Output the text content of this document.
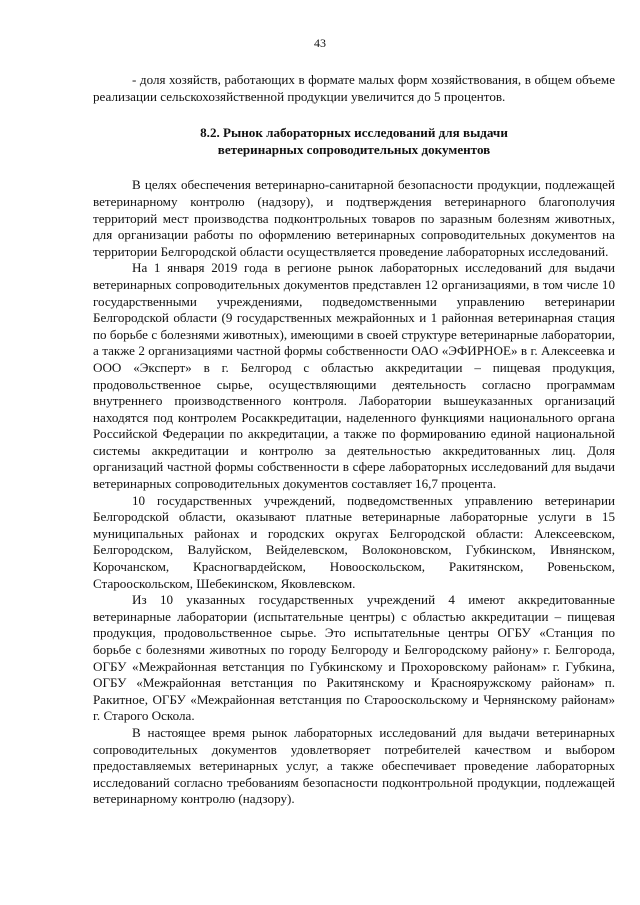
43

- доля хозяйств, работающих в формате малых форм хозяйствования, в общем объеме реализации сельскохозяйственной продукции увеличится до 5 процентов.

8.2. Рынок лабораторных исследований для выдачи
ветеринарных сопроводительных документов

В целях обеспечения ветеринарно-санитарной безопасности продукции, подлежащей ветеринарному контролю (надзору), и подтверждения ветеринарного благополучия территорий мест производства подконтрольных товаров по заразным болезням животных, для организации работы по оформлению ветеринарных сопроводительных документов на территории Белгородской области осуществляется проведение лабораторных исследований.

На 1 января 2019 года в регионе рынок лабораторных исследований для выдачи ветеринарных сопроводительных документов представлен 12 организациями, в том числе 10 государственными учреждениями, подведомственными управлению ветеринарии Белгородской области (9 государственных межрайонных и 1 районная ветеринарная стация по борьбе с болезнями животных), имеющими в своей структуре ветеринарные лаборатории, а также 2 организациями частной формы собственности ОАО «ЭФИРНОЕ» в г. Алексеевка и ООО «Эксперт» в г. Белгород с областью аккредитации – пищевая продукция, продовольственное сырье, осуществляющими деятельность согласно программам внутреннего производственного контроля. Лаборатории вышеуказанных организаций находятся под контролем Росаккредитации, наделенного функциями национального органа Российской Федерации по аккредитации, а также по формированию единой национальной системы аккредитации и контролю за деятельностью аккредитованных лиц. Доля организаций частной формы собственности в сфере лабораторных исследований для выдачи ветеринарных сопроводительных документов составляет 16,7 процента.

10 государственных учреждений, подведомственных управлению ветеринарии Белгородской области, оказывают платные ветеринарные лабораторные услуги в 15 муниципальных районах и городских округах Белгородской области: Алексеевском, Белгородском, Валуйском, Вейделевском, Волоконовском, Губкинском, Ивнянском, Корочанском, Красногвардейском, Новооскольском, Ракитянском, Ровеньском, Старооскольском, Шебекинском, Яковлевском.

Из 10 указанных государственных учреждений 4 имеют аккредитованные ветеринарные лаборатории (испытательные центры) с областью аккредитации – пищевая продукция, продовольственное сырье. Это испытательные центры ОГБУ «Станция по борьбе с болезнями животных по городу Белгороду и Белгородскому району» г. Белгорода, ОГБУ «Межрайонная ветстанция по Губкинскому и Прохоровскому районам» г. Губкина, ОГБУ «Межрайонная ветстанция по Ракитянскому и Краснояружскому районам» п. Ракитное, ОГБУ «Межрайонная ветстанция по Старооскольскому и Чернянскому районам» г. Старого Оскола.

В настоящее время рынок лабораторных исследований для выдачи ветеринарных сопроводительных документов удовлетворяет потребителей качеством и выбором предоставляемых ветеринарных услуг, а также обеспечивает проведение лабораторных исследований согласно требованиям безопасности подконтрольной продукции, подлежащей ветеринарному контролю (надзору).
